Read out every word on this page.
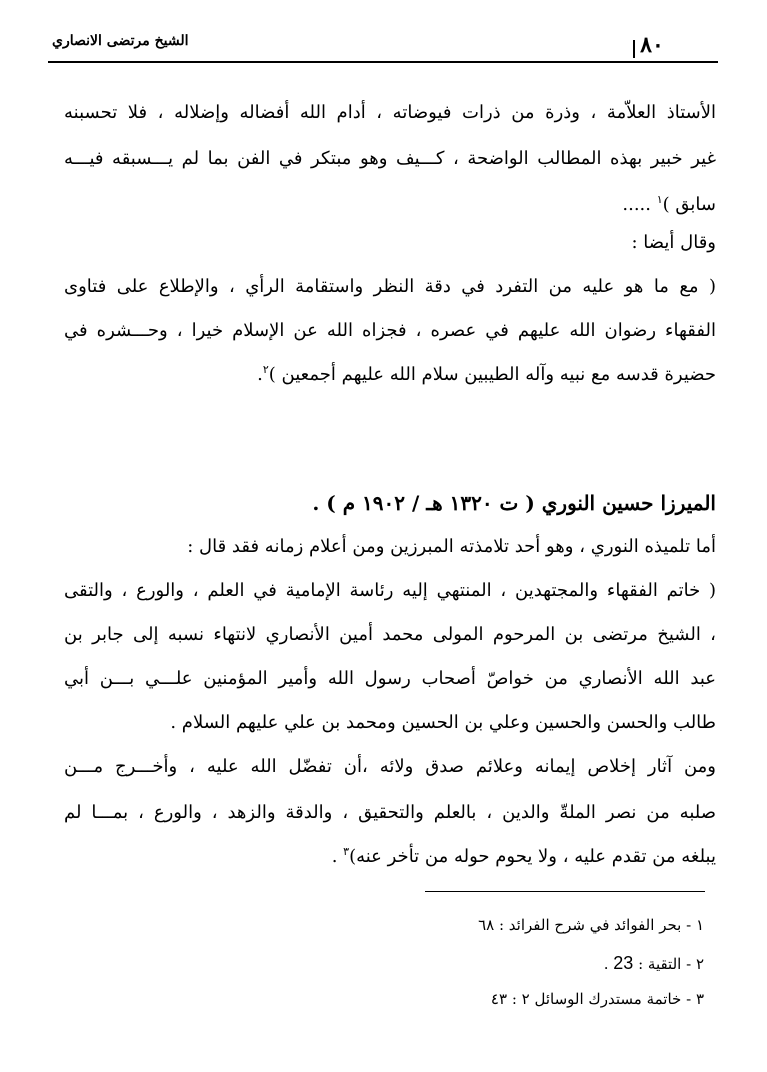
الشيخ مرتضى الانصاري	٨٠
الأستاذ العلاّمة ، وذرة من ذرات فيوضاته ، أدام الله أفضاله وإضلاله ، فلا تحسبنه
غير خبير بهذه المطالب الواضحة ، كـــيف وهو مبتكر في الفن بما لم يـــسبقه فيـــه
سابق )$^١$ .....
وقال أيضا :
( مع ما هو عليه من التفرد في دقة النظر واستقامة الرأي ، والإطلاع على فتاوى
الفقهاء رضوان الله عليهم في عصره ، فجزاه الله عن الإسلام خيرا ، وحـــشره في
حضيرة قدسه مع نبيه وآله الطيبين سلام الله عليهم أجمعين )$^٢$.
الميرزا حسين النوري ( ت ١٣٢٠ هـ / ١٩٠٢ م ) .
أما تلميذه النوري ، وهو أحد تلامذته المبرزين ومن أعلام زمانه فقد قال :
( خاتم الفقهاء والمجتهدين ، المنتهي إليه رئاسة الإمامية في العلم ، والورع ، والتقى
، الشيخ مرتضى بن المرحوم المولى محمد أمين الأنصاري لانتهاء نسبه إلى جابر بن
عبد الله الأنصاري من خواصّ أصحاب رسول الله وأمير المؤمنين علـــي بـــن أبي
طالب والحسن والحسين وعلي بن الحسين ومحمد بن علي عليهم السلام .
ومن آثار إخلاص إيمانه وعلائم صدق ولائه ،أن تفضّل الله عليه ، وأخـــرج مـــن
صلبه من نصر الملةّ والدين ، بالعلم والتحقيق ، والدقة والزهد ، والورع ، بمـــا لم
يبلغه من تقدم عليه ، ولا يحوم حوله من تأخر عنه)$^٣$ .
١ - بحر الفوائد في شرح الفرائد : ٦٨
٢ - التقية : 23 .
٣ - خاتمة مستدرك الوسائل ٢ : ٤٣
